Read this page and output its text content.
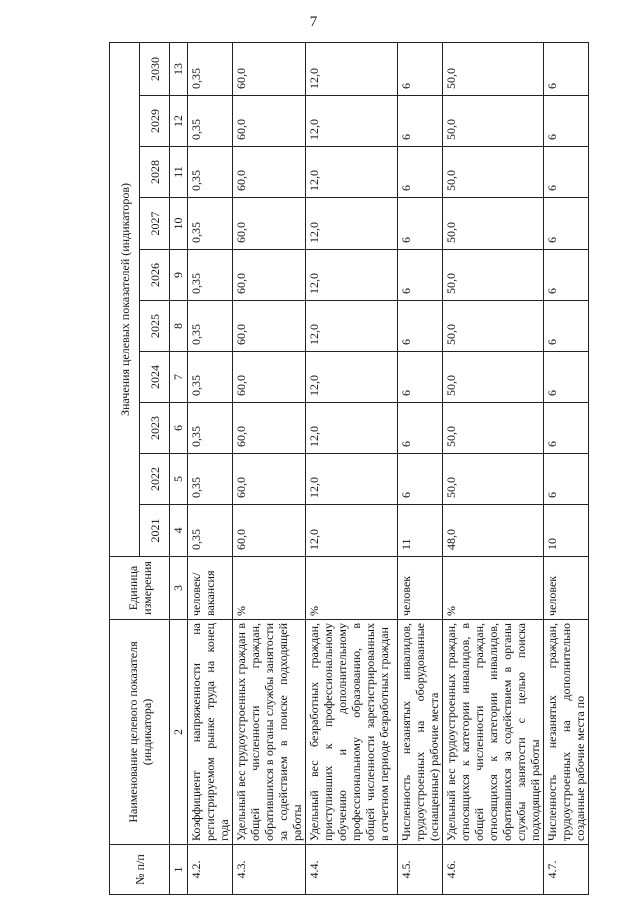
7
№ п/п	Наименование целевого показателя (индикатора)	Единица измерения	Значения целевых показателей (индикаторов)									
			2021	2022	2023	2024	2025	2026	2027	2028	2029	2030
1	2	3	4	5	6	7	8	9	10	11	12	13
4.2.	Коэффициент напряженности на регистрируемом рынке труда на конец года	человек/ вакансия	0,35	0,35	0,35	0,35	0,35	0,35	0,35	0,35	0,35	0,35
4.3.	Удельный вес трудоустроенных граждан в общей численности граждан, обратившихся в органы службы занятости за содействием в поиске подходящей работы	%	60,0	60,0	60,0	60,0	60,0	60,0	60,0	60,0	60,0	60,0
4.4.	Удельный вес безработных граждан, приступивших к профессиональному обучению и дополнительному профессиональному образованию, в общей численности зарегистрированных в отчетном периоде безработных граждан	%	12,0	12,0	12,0	12,0	12,0	12,0	12,0	12,0	12,0	12,0
4.5.	Численность незанятых инвалидов, трудоустроенных на оборудованные (оснащенные) рабочие места	человек	11	6	6	6	6	6	6	6	6	6
4.6.	Удельный вес трудоустроенных граждан, относящихся к категории инвалидов, в общей численности граждан, относящихся к категории инвалидов, обратившихся за содействием в органы службы занятости с целью поиска подходящей работы	%	48,0	50,0	50,0	50,0	50,0	50,0	50,0	50,0	50,0	50,0
4.7.	Численность незанятых граждан, трудоустроенных на дополнительно созданные рабочие места по	человек	10	6	6	6	6	6	6	6	6	6
